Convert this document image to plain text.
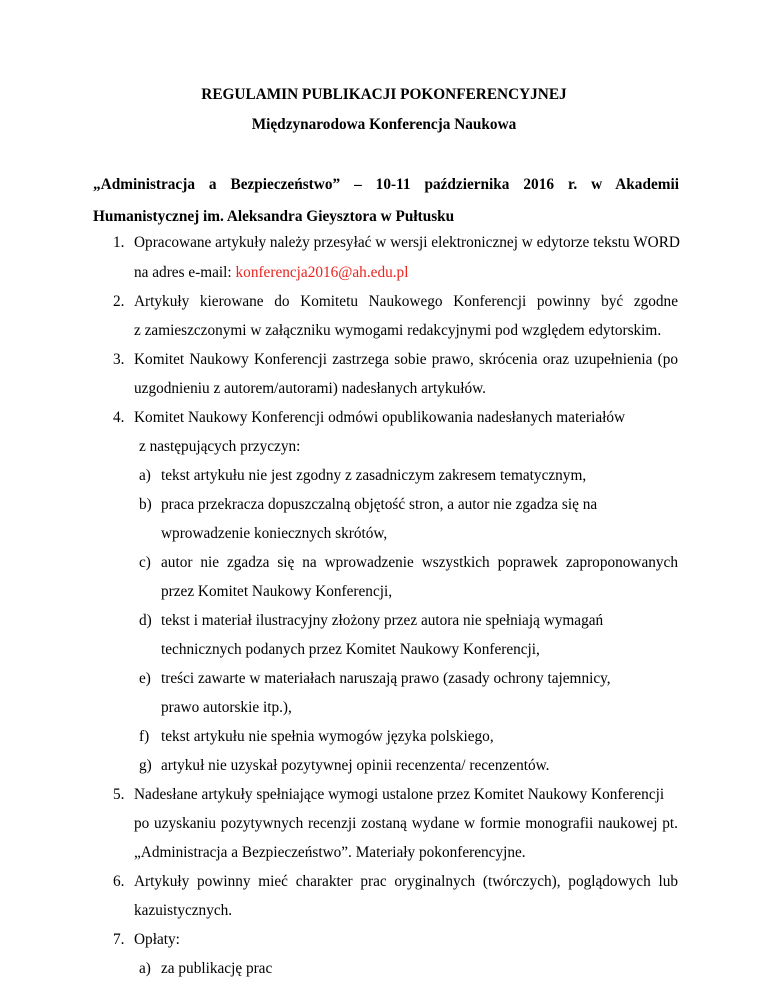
REGULAMIN PUBLIKACJI POKONFERENCYJNEJ
Międzynarodowa Konferencja Naukowa
„Administracja a Bezpieczeństwo” – 10-11 października 2016 r. w Akademii
Humanistycznej im. Aleksandra Gieysztora w Pułtusku
1. Opracowane artykuły należy przesyłać w wersji elektronicznej w edytorze tekstu WORD
na adres e-mail: konferencja2016@ah.edu.pl
2. Artykuły kierowane do Komitetu Naukowego Konferencji powinny być zgodne
z zamieszczonymi w załączniku wymogami redakcyjnymi pod względem edytorskim.
3. Komitet Naukowy Konferencji zastrzega sobie prawo, skrócenia oraz uzupełnienia (po
uzgodnieniu z autorem/autorami) nadesłanych artykułów.
4. Komitet Naukowy Konferencji odmówi opublikowania nadesłanych materiałów
z następujących przyczyn:
a) tekst artykułu nie jest zgodny z zasadniczym zakresem tematycznym,
b) praca przekracza dopuszczalną objętość stron, a autor nie zgadza się na
wprowadzenie koniecznych skrótów,
c) autor nie zgadza się na wprowadzenie wszystkich poprawek zaproponowanych
przez Komitet Naukowy Konferencji,
d) tekst i materiał ilustracyjny złożony przez autora nie spełniają wymagań
technicznych podanych przez Komitet Naukowy Konferencji,
e) treści zawarte w materiałach naruszają prawo (zasady ochrony tajemnicy,
prawo autorskie itp.),
f) tekst artykułu nie spełnia wymogów języka polskiego,
g) artykuł nie uzyskał pozytywnej opinii recenzenta/ recenzentów.
5. Nadesłane artykuły spełniające wymogi ustalone przez Komitet Naukowy Konferencji
po uzyskaniu pozytywnych recenzji zostaną wydane w formie monografii naukowej pt.
„Administracja a Bezpieczeństwo”. Materiały pokonferencyjne.
6. Artykuły powinny mieć charakter prac oryginalnych (twórczych), poglądowych lub
kazuistycznych.
7. Opłaty:
a) za publikację prac
